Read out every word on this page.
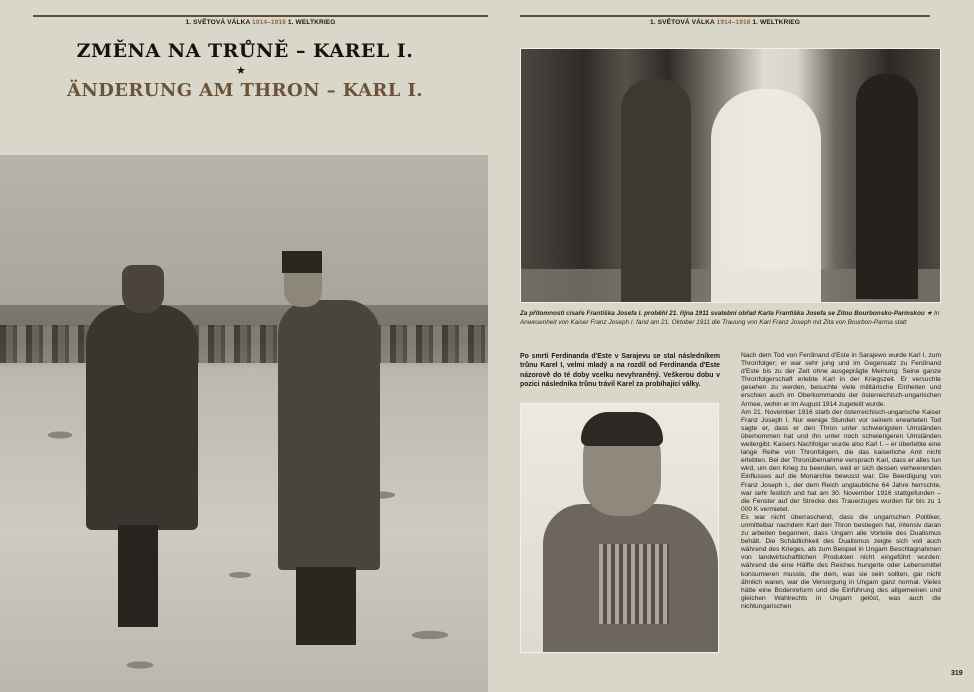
1. SVĚTOVÁ VÁLKA 1914–1918 1. WELTKRIEG
ZMĚNA NA TRŮNĚ – KAREL I.
★
ÄNDERUNG AM THRON – KARL I.
1. SVĚTOVÁ VÁLKA 1914–1918 1. WELTKRIEG
Za přítomnosti císaře Františka Josefa I. proběhl 21. října 1911 svatební obřad Karla Františka Josefa se Zitou Bourbonsko-Parmskou ★ In Anwesenheit von Kaiser Franz Joseph I. fand am 21. Oktober 1911 die Trauung von Karl Franz Joseph mit Zita von Bourbon-Parma statt
Po smrti Ferdinanda d'Este v Sarajevu se stal následníkem trůnu Karel I, velmi mladý a na rozdíl od Ferdinanda d'Este názorově do té doby vcelku nevyhraněný. Veškerou dobu v pozici následníka trůnu trávil Karel za probíhající války.

Nach dem Tod von Ferdinand d'Este in Sarajewo wurde Karl I. zum Thronfolger; er war sehr jung und im Gegensatz zu Ferdinand d'Este bis zu der Zeit ohne ausgeprägte Meinung. Seine ganze Thronfolgerschaft erlebte Karl in der Kriegszeit. Er versuchte gesehen zu werden, besuchte viele militärische Einheiten und erschien auch im Oberkommando der österreichisch-ungarischen Armee, wohin er im August 1914 zugeteilt wurde.

Am 21. November 1916 starb der österreichisch-ungarische Kaiser Franz Joseph I. Nur wenige Stunden vor seinem erwarteten Tod sagte er, dass er den Thron unter schwierigsten Umständen übernommen hat und ihn unter noch schwierigeren Umständen weitergibt. Kaisers Nachfolger wurde also Karl I. – er überlebte eine lange Reihe von Thronfolgern, die das kaiserliche Amt nicht erlebten. Bei der Thronübernahme versprach Karl, dass er alles tun wird, um den Krieg zu beenden, weil er sich dessen verheerenden Einflusses auf die Monarchie bewusst war. Die Beerdigung von Franz Joseph I., der dem Reich unglaubliche 64 Jahre herrschte, war sehr festlich und hat am 30. November 1916 stattgefunden – die Fenster auf der Strecke des Trauerzuges wurden für bis zu 1 000 K vermietet.

Es war nicht überraschend, dass die ungarischen Politiker, unmittelbar nachdem Karl den Thron bestiegen hat, intensiv daran zu arbeiten begannen, dass Ungarn alle Vorteile des Dualismus behält. Die Schädlichkeit des Dualismus zeigte sich voll auch während des Krieges, als zum Beispiel in Ungarn Beschlagnahmen von landwirtschaftlichen Produkten nicht eingeführt wurden: während die eine Hälfte des Reiches hungerte oder Lebensmittel konsumieren musste, die dem, was sie sein sollten, gar nicht ähnlich waren, war die Versorgung in Ungarn ganz normal. Vieles hätte eine Bodenreform und die Einführung des allgemeinen und gleichen Wahlrechts in Ungarn gelöst, was auch die nichtungarischen

319
